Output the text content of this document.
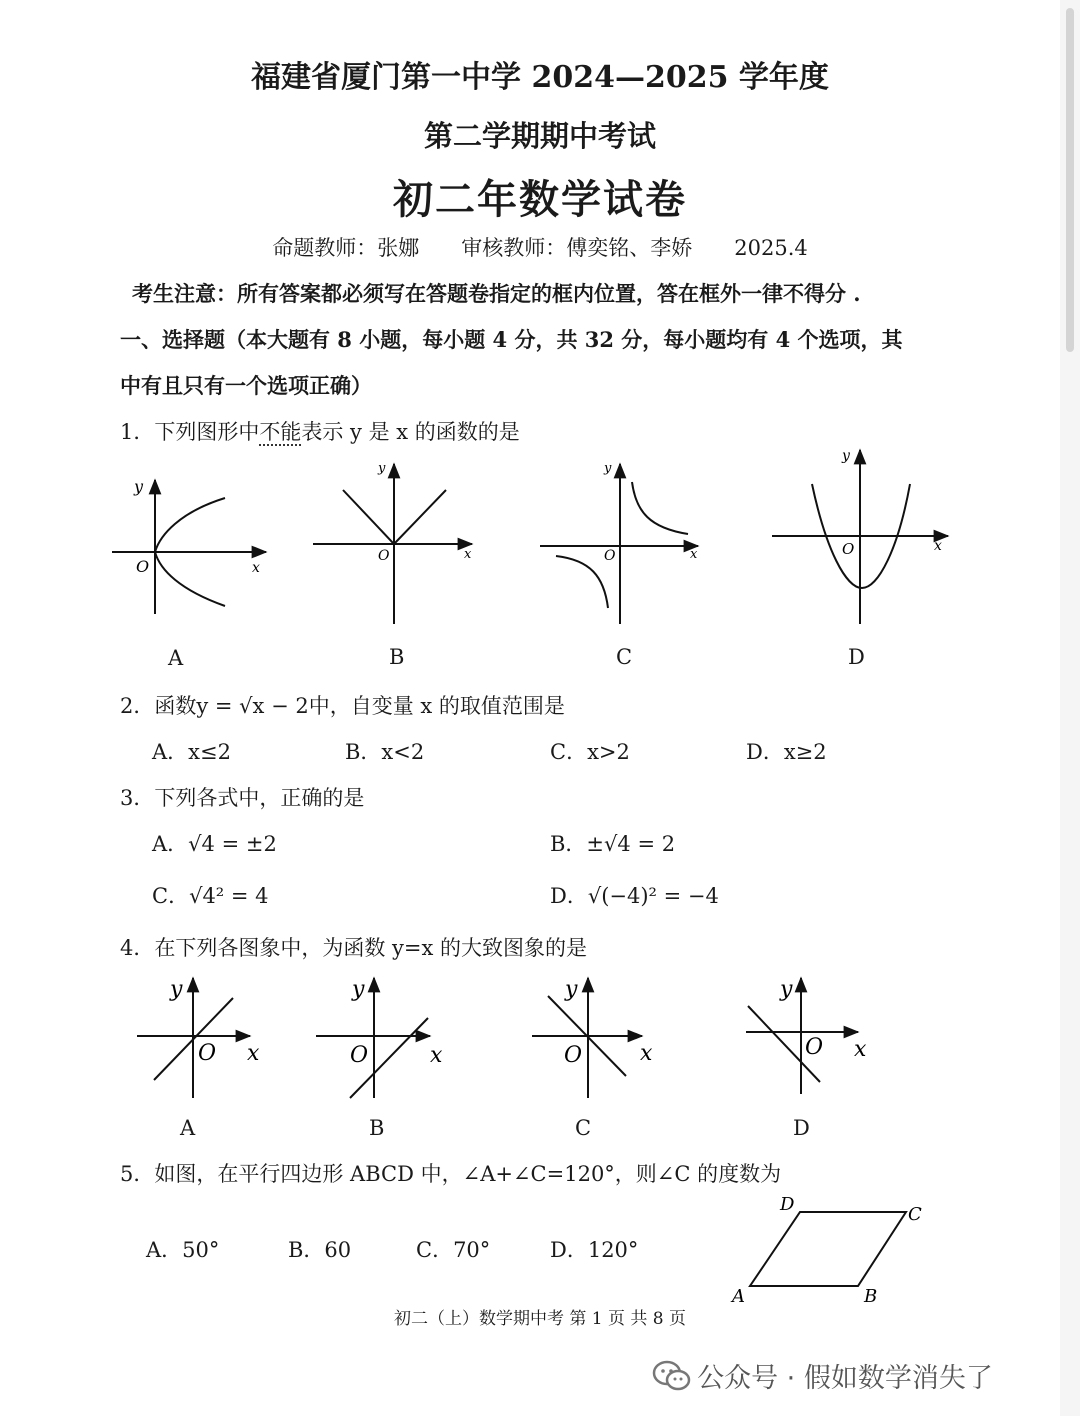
福建省厦门第一中学 2024—2025 学年度
第二学期期中考试
初二年数学试卷
命题教师：张娜　　审核教师：傅奕铭、李娇　　2025.4
考生注意：所有答案都必须写在答题卷指定的框内位置，答在框外一律不得分 .
一、选择题（本大题有 8 小题，每小题 4 分，共 32 分，每小题均有 4 个选项，其
中有且只有一个选项正确）
1．下列图形中不能表示 y 是 x 的函数的是
y
O	x
y
O	x
y
O	x
y
O	x
A	B	C	D
2．函数y = √x − 2中，自变量 x 的取值范围是
A．x≤2	B．x<2	C．x>2	D．x≥2
3．下列各式中，正确的是
A．√4 = ±2	B．±√4 = 2
C．√4² = 4	D．√(−4)² = −4
4．在下列各图象中，为函数 y=x 的大致图象的是
y
O x
y
O	x
y
O	x
y
O x
A	B	C	D
5．如图，在平行四边形 ABCD 中，∠A+∠C=120°，则∠C 的度数为
A．50°	B．60	C．70°	D．120°
A	B
C
D
初二（上）数学期中考 第 1 页 共 8 页
公众号 · 假如数学消失了
